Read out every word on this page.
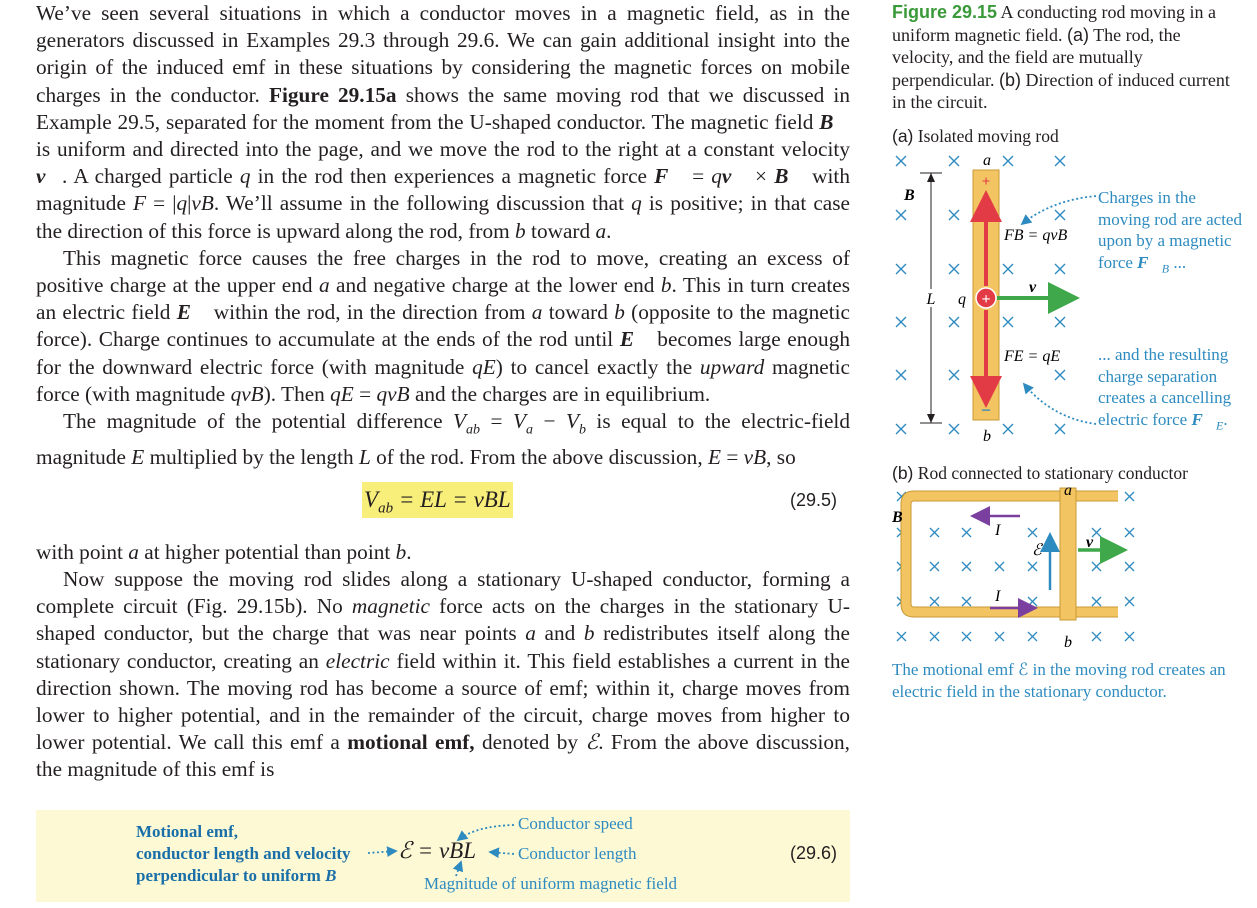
We’ve seen several situations in which a conductor moves in a magnetic field, as in the generators discussed in Examples 29.3 through 29.6. We can gain additional insight into the origin of the induced emf in these situations by considering the magnetic forces on mobile charges in the conductor. Figure 29.15a shows the same moving rod that we discussed in Example 29.5, separated for the moment from the U-shaped conductor. The magnetic field B⃗ is uniform and directed into the page, and we move the rod to the right at a constant velocity v⃗. A charged particle q in the rod then experiences a magnetic force F⃗ = qv⃗ × B⃗ with magnitude F = |q|vB. We’ll assume in the following discussion that q is positive; in that case the direction of this force is upward along the rod, from b toward a.
This magnetic force causes the free charges in the rod to move, creating an excess of positive charge at the upper end a and negative charge at the lower end b. This in turn creates an electric field E⃗ within the rod, in the direction from a toward b (opposite to the magnetic force). Charge continues to accumulate at the ends of the rod until E⃗ becomes large enough for the downward electric force (with magnitude qE) to cancel exactly the upward magnetic force (with magnitude qvB). Then qE = qvB and the charges are in equilibrium.
The magnitude of the potential difference $V_{ab} = V_a - V_b$ is equal to the electric-field magnitude E multiplied by the length L of the rod. From the above discussion, E = vB, so

$V_{ab}$ = EL = vBL	(29.5)

with point a at higher potential than point b.

Now suppose the moving rod slides along a stationary U-shaped conductor, forming a complete circuit (Fig. 29.15b). No magnetic force acts on the charges in the stationary U-shaped conductor, but the charge that was near points a and b redistributes itself along the stationary conductor, creating an electric field within it. This field establishes a current in the direction shown. The moving rod has become a source of emf; within it, charge moves from lower to higher potential, and in the remainder of the circuit, charge moves from higher to lower potential. We call this emf a motional emf, denoted by ℰ. From the above discussion, the magnitude of this emf is

Motional emf,
conductor length and velocity
perpendicular to uniform B⃗
ℰ = vBL
Conductor speed
Conductor length
Magnitude of uniform magnetic field
(29.6)

Figure 29.15 A conducting rod moving in a uniform magnetic field. (a) The rod, the velocity, and the field are mutually perpendicular. (b) Direction of induced current in the circuit.

(a) Isolated moving rod
+
−
+
L q
a
b
B
v
FB = qvB
FE = qE

Charges in the moving rod are acted upon by a magnetic force $F⃗_B$ ...

... and the resulting charge separation creates a cancelling electric force $F⃗_E$.

(b) Rod connected to stationary conductor
I
I
ℰ	v
a
b
B

The motional emf ℰ in the moving rod creates an electric field in the stationary conductor.
